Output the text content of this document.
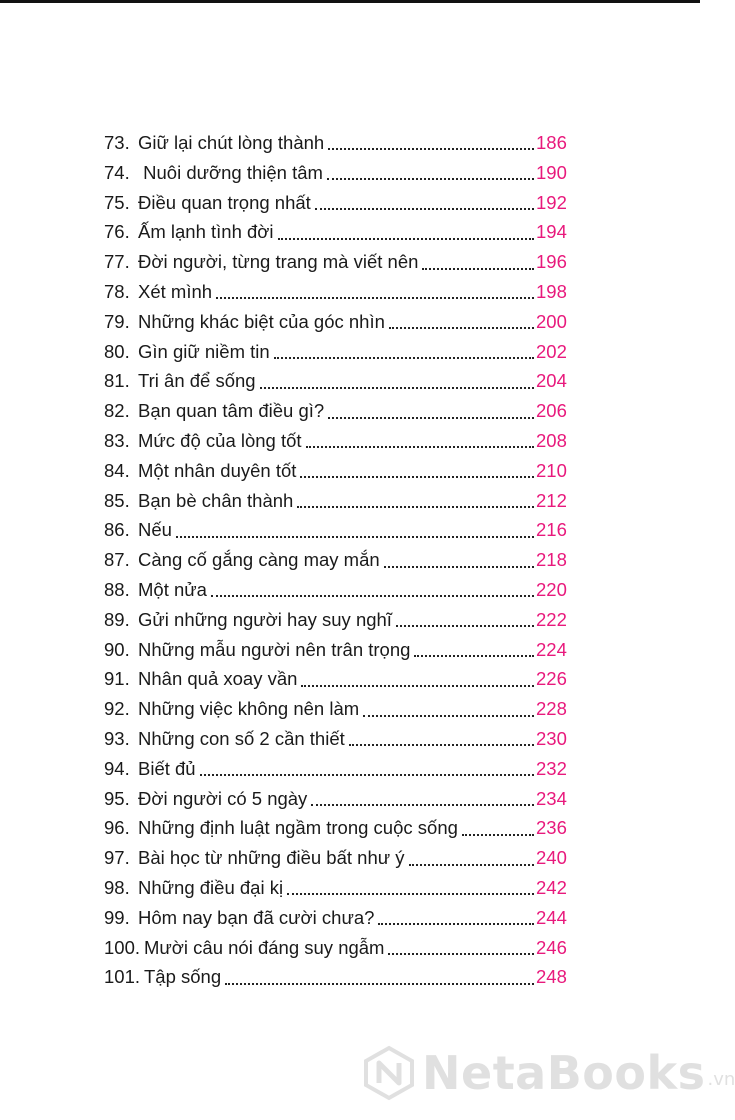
73. Giữ lại chút lòng thành	186
74. Nuôi dưỡng thiện tâm	190
75. Điều quan trọng nhất	192
76. Ấm lạnh tình đời	194
77. Đời người, từng trang mà viết nên	196
78. Xét mình	198
79. Những khác biệt của góc nhìn	200
80. Gìn giữ niềm tin	202
81. Tri ân để sống	204
82. Bạn quan tâm điều gì?	206
83. Mức độ của lòng tốt	208
84. Một nhân duyên tốt	210
85. Bạn bè chân thành	212
86. Nếu	216
87. Càng cố gắng càng may mắn	218
88. Một nửa	220
89. Gửi những người hay suy nghĩ	222
90. Những mẫu người nên trân trọng	224
91. Nhân quả xoay vần	226
92. Những việc không nên làm	228
93. Những con số 2 cần thiết	230
94. Biết đủ	232
95. Đời người có 5 ngày	234
96. Những định luật ngầm trong cuộc sống	236
97. Bài học từ những điều bất như ý	240
98. Những điều đại kị	242
99. Hôm nay bạn đã cười chưa?	244
100. Mười câu nói đáng suy ngẫm	246
101. Tập sống	248
NetaBooks .vn
